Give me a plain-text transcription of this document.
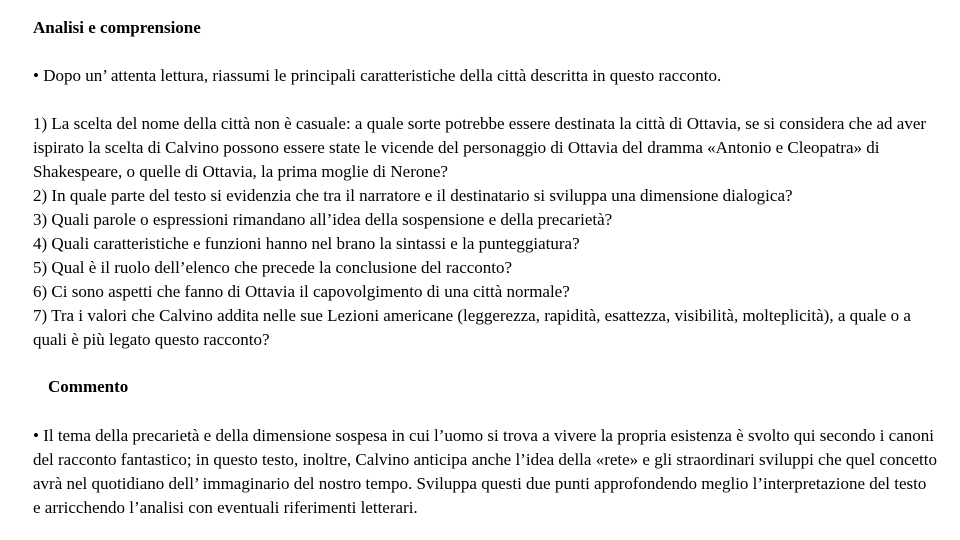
Analisi e comprensione
• Dopo un’ attenta lettura, riassumi le principali caratteristiche della città descritta in questo racconto.

1) La scelta del nome della città non è casuale: a quale sorte potrebbe essere destinata la città di Ottavia, se si considera che ad aver ispirato la scelta di Calvino possono essere state le vicende del personaggio di Ottavia del dramma «Antonio e Cleopatra» di Shakespeare, o quelle di Ottavia, la prima moglie di Nerone?

2) In quale parte del testo si evidenzia che tra il narratore e il destinatario si sviluppa una dimensione dialogica?

3) Quali parole o espressioni rimandano all’idea della sospensione e della precarietà?

4) Quali caratteristiche e funzioni hanno nel brano la sintassi e la punteggiatura?

5) Qual è il ruolo dell’elenco che precede la conclusione del racconto?

6) Ci sono aspetti che fanno di Ottavia il capovolgimento di una città normale?

7) Tra i valori che Calvino addita nelle sue Lezioni americane (leggerezza, rapidità, esattezza, visibilità, molteplicità), a quale o a quali è più legato questo racconto?

Commento

• Il tema della precarietà e della dimensione sospesa in cui l’uomo si trova a vivere la propria esistenza è svolto qui secondo i canoni del racconto fantastico; in questo testo, inoltre, Calvino anticipa anche l’idea della «rete» e gli straordinari sviluppi che quel concetto avrà nel quotidiano dell’ immaginario del nostro tempo. Sviluppa questi due punti approfondendo meglio l’interpretazione del testo e arricchendo l’analisi con eventuali riferimenti letterari.
